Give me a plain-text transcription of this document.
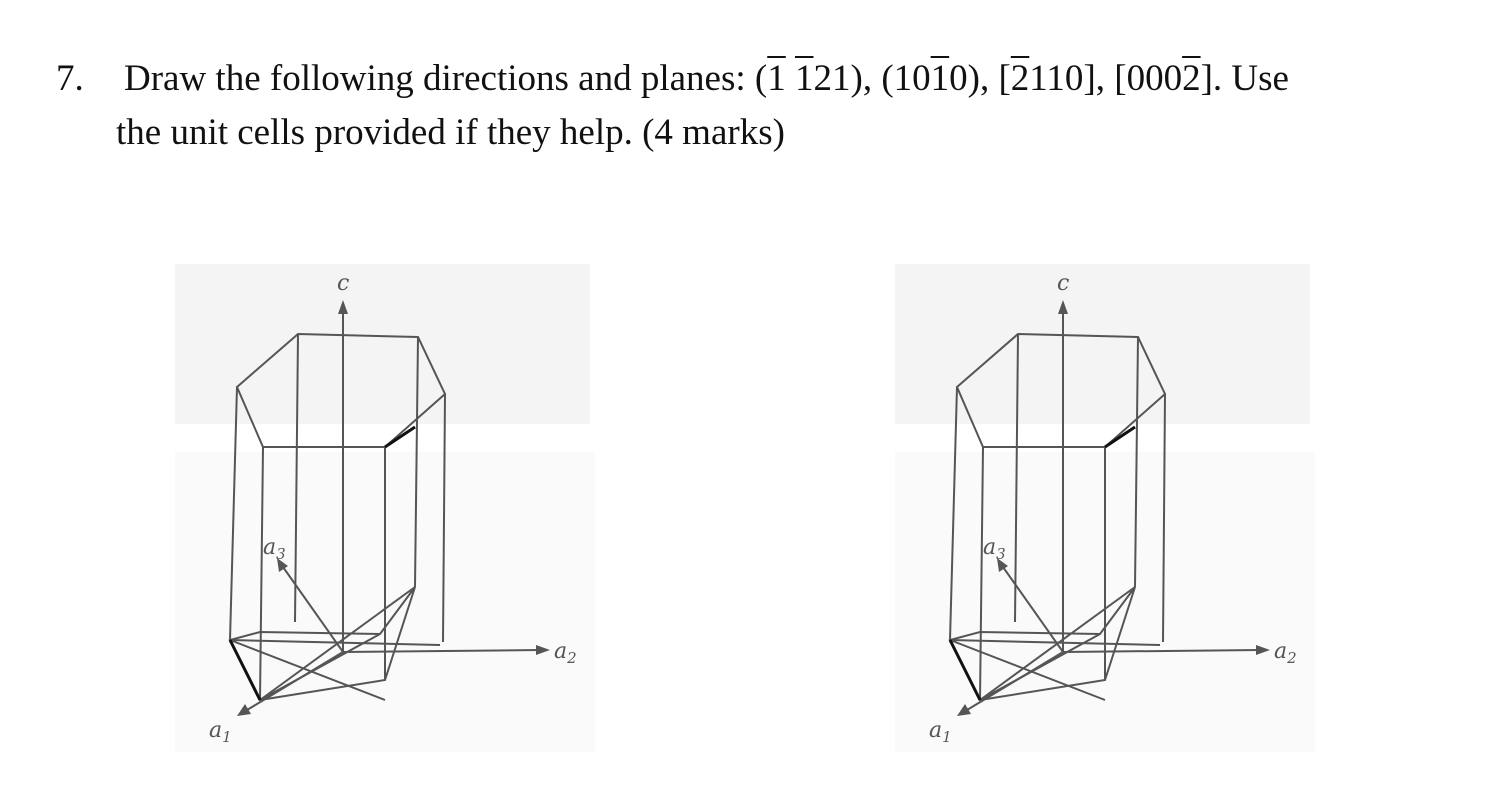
7. Draw the following directions and planes: (1 121), (1010), [2110], [0002]. Use
the unit cells provided if they help. (4 marks)
c
$a_2$
$a_1$
$a_3$
c
$a_2$
$a_1$
$a_3$
